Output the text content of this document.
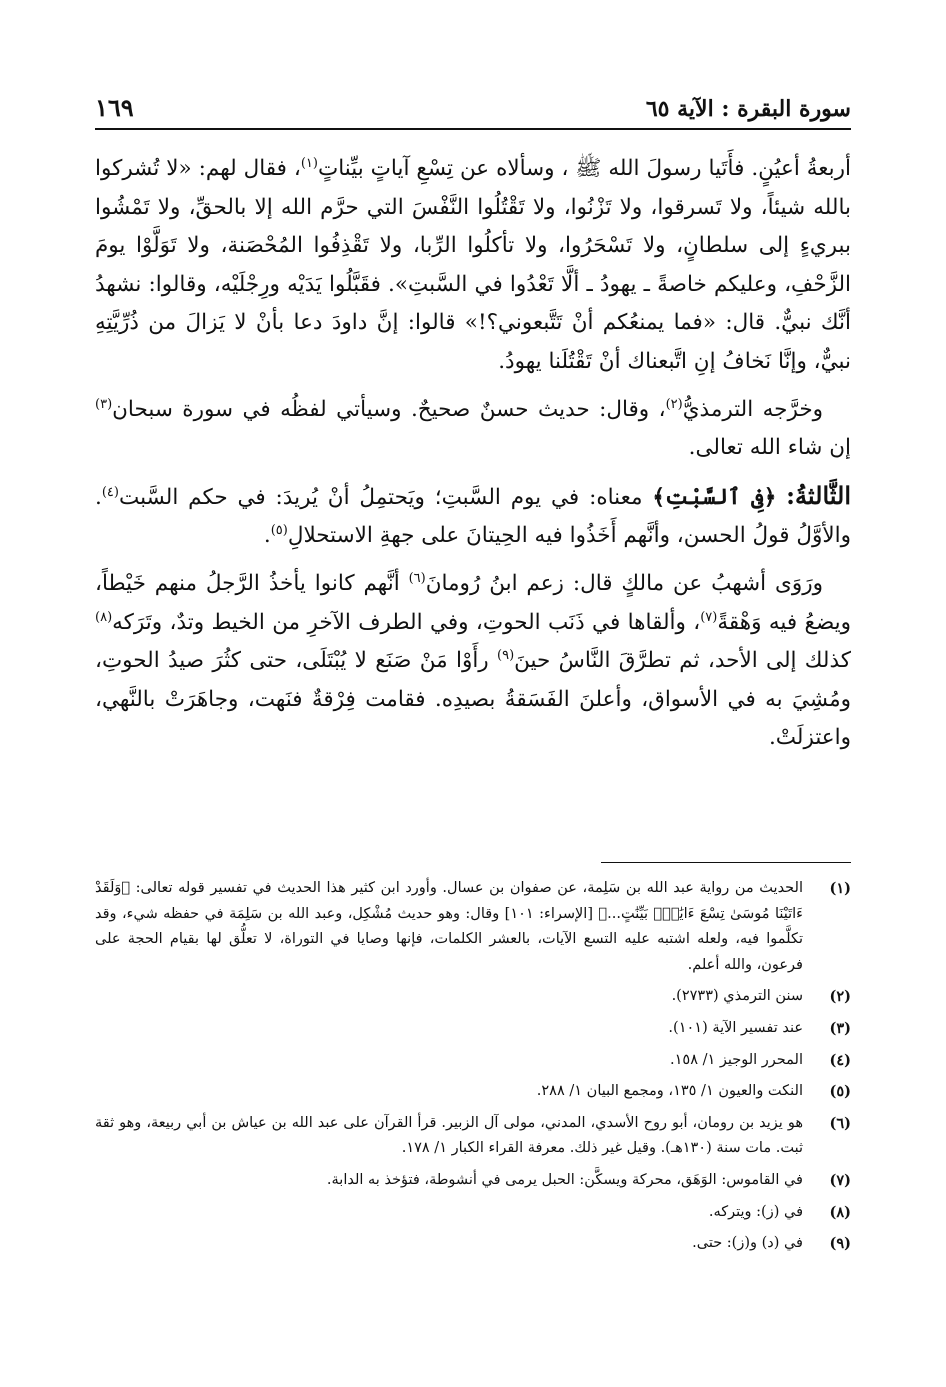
سورة البقرة : الآية ٦٥
١٦٩

أربعةُ أعيُنٍ. فأَتَيا رسولَ الله ﷺ ، وسألاه عن تِسْعِ آياتٍ بيِّناتٍ$^{(١)}$، فقال لهم: «لا تُشركوا بالله شيئاً، ولا تَسرقوا، ولا تَزْنُوا، ولا تَقْتُلُوا النَّفْسَ التي حرَّم الله إلا بالحقِّ، ولا تَمْشُوا ببريءٍ إلى سلطانٍ، ولا تَسْحَرُوا، ولا تأكلُوا الرِّبا، ولا تَقْذِفُوا المُحْصَنة، ولا تَوَلَّوْا يومَ الزَّحْفِ، وعليكم خاصةً ـ يهودُ ـ ألَّا تَعْدُوا في السَّبتِ». فقَبَّلُوا يَدَيْه ورِجْلَيْه، وقالوا: نشهدُ أنَّك نبيٌّ. قال: «فما يمنعُكم أنْ تَتَّبعوني؟!» قالوا: إنَّ داودَ دعا بأنْ لا يَزالَ من ذُرِّيَّتِهِ نبيٌّ، وإنَّا نَخافُ إنِ اتَّبعناك أنْ تَقْتُلَنا يهودُ.

وخرَّجه الترمذيُّ$^{(٢)}$، وقال: حديث حسنٌ صحيحٌ. وسيأتي لفظُه في سورة سبحان$^{(٣)}$ إن شاء الله تعالى.

الثَّالثةُ: ﴿فِى ٱلسَّبْتِ﴾ معناه: في يوم السَّبتِ؛ ويَحتمِلُ أنْ يُريدَ: في حكم السَّبت$^{(٤)}$. والأوَّلُ قولُ الحسن، وأنَّهم أَخَذُوا فيه الحِيتانَ على جهةِ الاستحلالِ$^{(٥)}$.

ورَوَى أشهبُ عن مالكٍ قال: زعم ابنُ رُومانَ$^{(٦)}$ أنَّهم كانوا يأخذُ الرَّجلُ منهم خَيْطاً، ويضعُ فيه وَهْقةً$^{(٧)}$، وألقاها في ذَنَب الحوتِ، وفي الطرف الآخرِ من الخيط وتدٌ، وتَرَكه$^{(٨)}$ كذلك إلى الأحد، ثم تطرَّقَ النَّاسُ حينَ$^{(٩)}$ رأَوْا مَنْ صَنَع لا يُبْتَلَى، حتى كثُرَ صيدُ الحوتِ، ومُشِيَ به في الأسواق، وأعلنَ الفَسَقةُ بصيدِه. فقامت فِرْقةٌ فنَهت، وجاهَرَتْ بالنَّهي، واعتزلَتْ.

(١)
الحديث من رواية عبد الله بن سَلِمة، عن صفوان بن عسال. وأورد ابن كثير هذا الحديث في تفسير قوله تعالى: ﴿وَلَقَدْ ءَاتَيْنَا مُوسَىٰ تِسْعَ ءَايَٰتٍۭ بَيِّنَٰتٍ...﴾ [الإسراء: ١٠١] وقال: وهو حديث مُشْكِل، وعبد الله بن سَلِمَة في حفظه شيء، وقد تكلَّموا فيه، ولعله اشتبه عليه التسع الآيات، بالعشر الكلمات، فإنها وصايا في التوراة، لا تعلُّق لها بقيام الحجة على فرعون، والله أعلم.
(٢)
سنن الترمذي (٢٧٣٣).
(٣)
عند تفسير الآية (١٠١).
(٤)
المحرر الوجيز ١/ ١٥٨.
(٥)
النكت والعيون ١/ ١٣٥، ومجمع البيان ١/ ٢٨٨.
(٦)
هو يزيد بن رومان، أبو روح الأسدي، المدني، مولى آل الزبير. قرأ القرآن على عبد الله بن عياش بن أبي ربيعة، وهو ثقة ثبت. مات سنة (١٣٠هـ). وقيل غير ذلك. معرفة القراء الكبار ١/ ١٧٨.
(٧)
في القاموس: الوَهَق، محركة ويسكَّن: الحبل يرمى في أنشوطة، فتؤخذ به الدابة.
(٨)
في (ز): ويتركه.
(٩)
في (د) و(ز): حتى.
